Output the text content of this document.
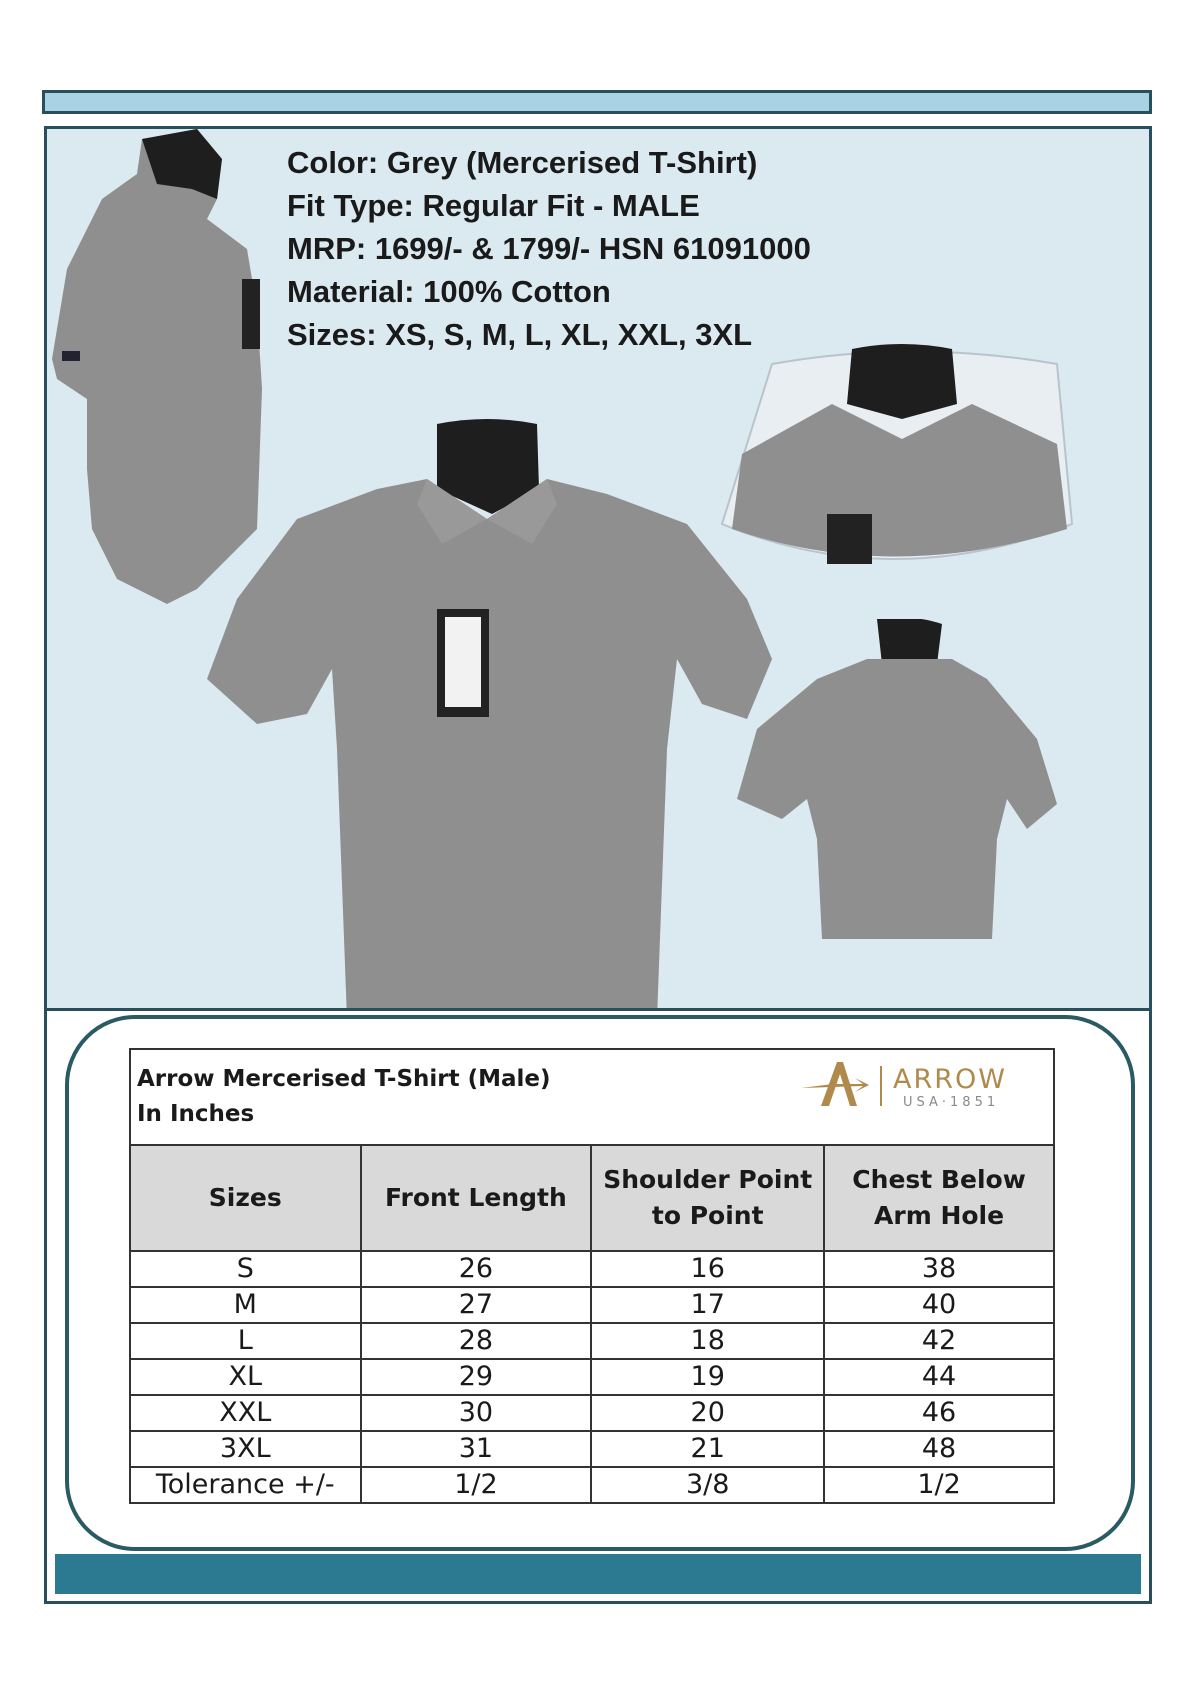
Color: Grey (Mercerised T-Shirt)
Fit Type: Regular Fit - MALE
MRP: 1699/- & 1799/- HSN 61091000
Material: 100% Cotton
Sizes: XS, S, M, L, XL, XXL, 3XL
ARROW
USA·1851
Arrow Mercerised T-Shirt (Male)
In Inches			

Sizes	Front Length	Shoulder Point to Point	Chest Below Arm Hole
S	26	16	38
M	27	17	40
L	28	18	42
XL	29	19	44
XXL	30	20	46
3XL	31	21	48
Tolerance +/-	1/2	3/8	1/2
